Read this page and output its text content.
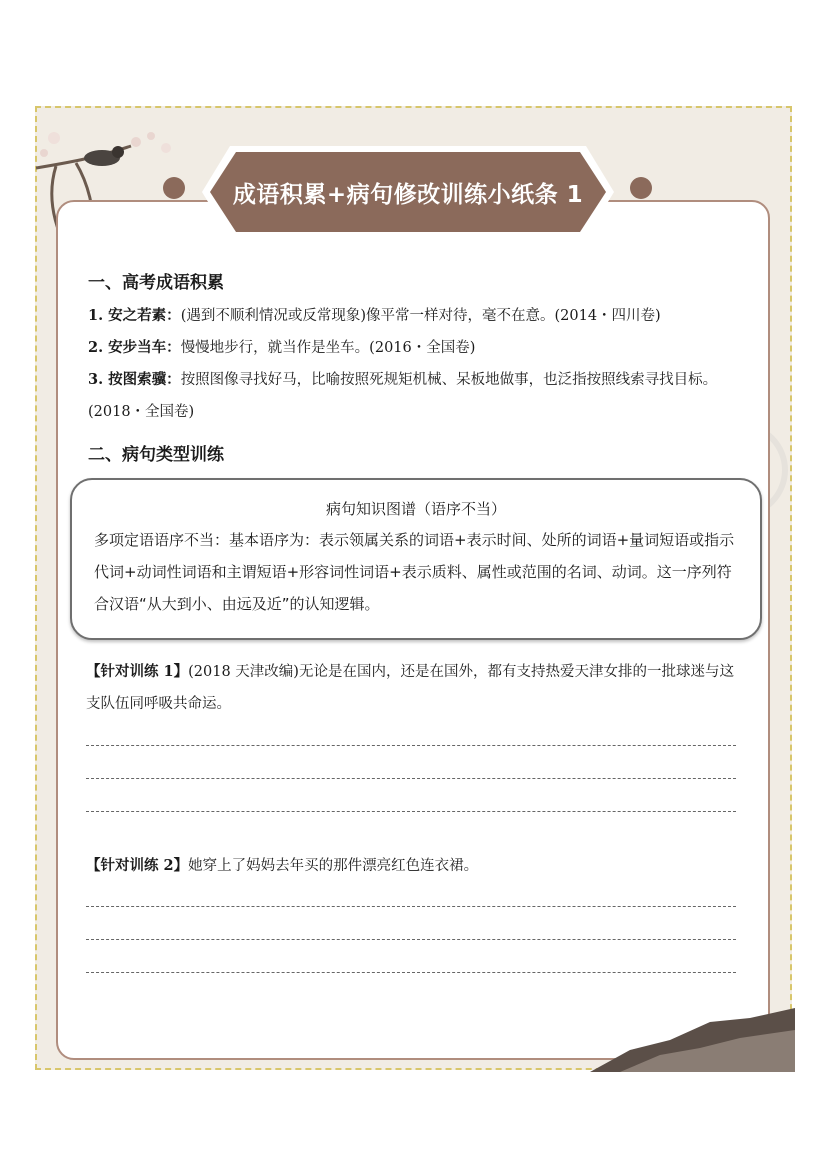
成语积累+病句修改训练小纸条 1
一、高考成语积累
1. 安之若素：(遇到不顺利情况或反常现象)像平常一样对待，毫不在意。(2014・四川卷)
2. 安步当车：慢慢地步行，就当作是坐车。(2016・全国卷)
3. 按图索骥：按照图像寻找好马，比喻按照死规矩机械、呆板地做事，也泛指按照线索寻找目标。(2018・全国卷)
二、病句类型训练
病句知识图谱（语序不当）
多项定语语序不当：基本语序为：表示领属关系的词语+表示时间、处所的词语+量词短语或指示代词+动词性词语和主谓短语+形容词性词语+表示质料、属性或范围的名词、动词。这一序列符合汉语“从大到小、由远及近”的认知逻辑。
【针对训练 1】(2018 天津改编)无论是在国内，还是在国外，都有支持热爱天津女排的一批球迷与这支队伍同呼吸共命运。
【针对训练 2】她穿上了妈妈去年买的那件漂亮红色连衣裙。
